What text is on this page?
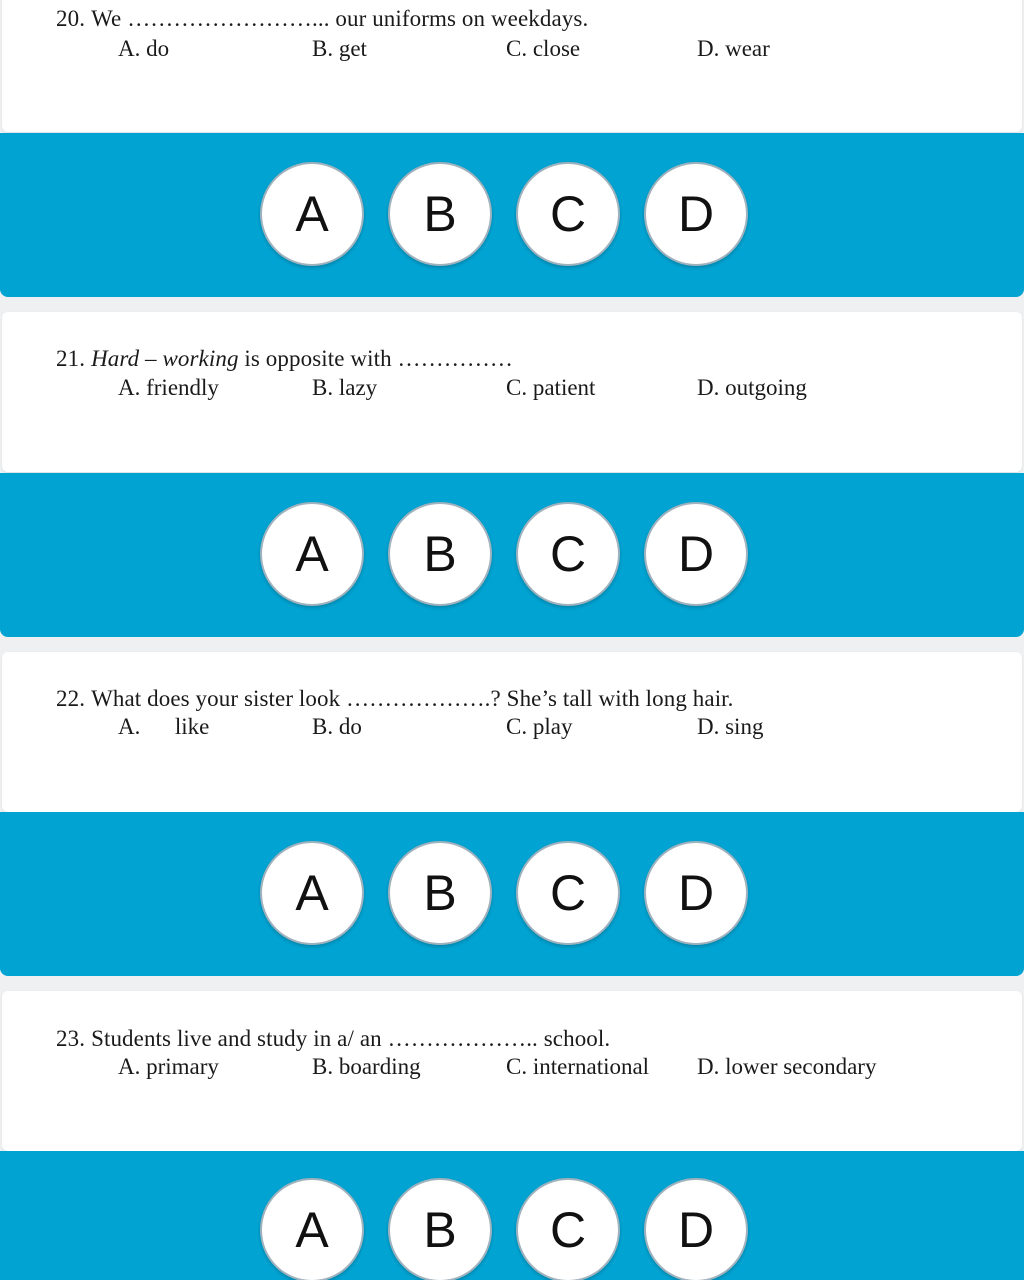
20. We ……………………... our uniforms on weekdays.
A. do	B. get	C. close	D. wear
A	B	C	D
21. Hard – working is opposite with ……………
A. friendly	B. lazy	C. patient	D. outgoing
A	B	C	D
22. What does your sister look ……………….? She’s tall with long hair.
A.      like	B. do	C. play	D. sing
A	B	C	D
23. Students live and study in a/ an ……………….. school.
A. primary	B. boarding	C. international D. lower secondary
A	B	C	D
